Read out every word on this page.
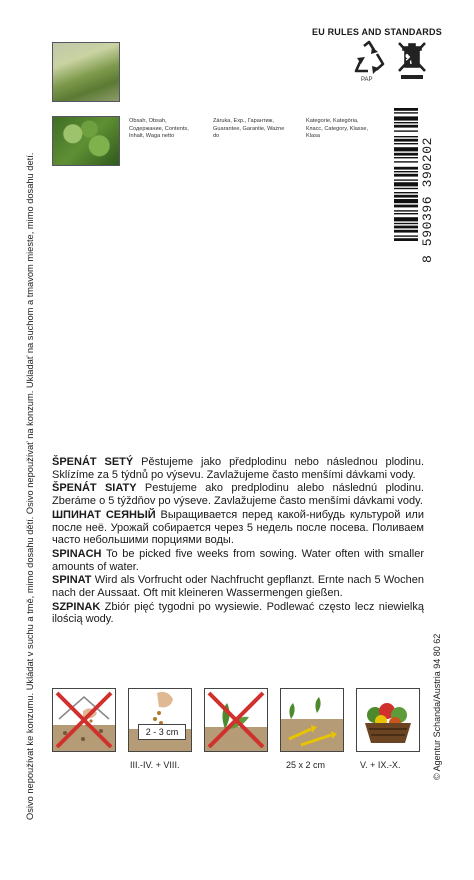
Osivo nepoužívat ke konzumu. Ukládat v suchu a tmě, mimo dosahu dětí. Osivo nepoužívať na konzum. Ukladať na suchom a tmavom mieste, mimo dosahu detí.
Obsah, Obsah, Содержание, Contents, Inhalt, Waga netto
Záruka, Exp., Гарантиж, Guarantee, Garantie, Ważne do
Kategorie, Kategória, Класс, Category, Klasse, Klasa
EU RULES AND STANDARDS
PAP
8 590396 390202
ŠPENÁT SETÝ Pěstujeme jako předplodinu nebo následnou plodinu. Sklízíme za 5 týdnů po výsevu. Zavlažujeme často menšími dávkami vody.
ŠPENÁT SIATY Pestujeme ako predplodinu alebo následnú plodinu. Zberáme o 5 týždňov po výseve. Zavlažujeme často menšími dávkami vody.
ШПИНАТ СЕЯНЫЙ Выращивается перед какой-нибудь культурой или после неё. Урожай собирается через 5 недель после посева. Поливаем часто небольшими порциями воды.
SPINACH To be picked five weeks from sowing. Water often with smaller amounts of water.
SPINAT Wird als Vorfrucht oder Nachfrucht gepflanzt. Ernte nach 5 Wochen nach der Aussaat. Oft mit kleineren Wassermengen gießen.
SZPINAK Zbiór pięć tygodni po wysiewie. Podlewać często lecz niewielką ilością wody.
2 - 3 cm
III.-IV. + VIII.	25 x 2 cm	V. + IX.-X.	© Agentur Schanda/Austria 94 80 62
